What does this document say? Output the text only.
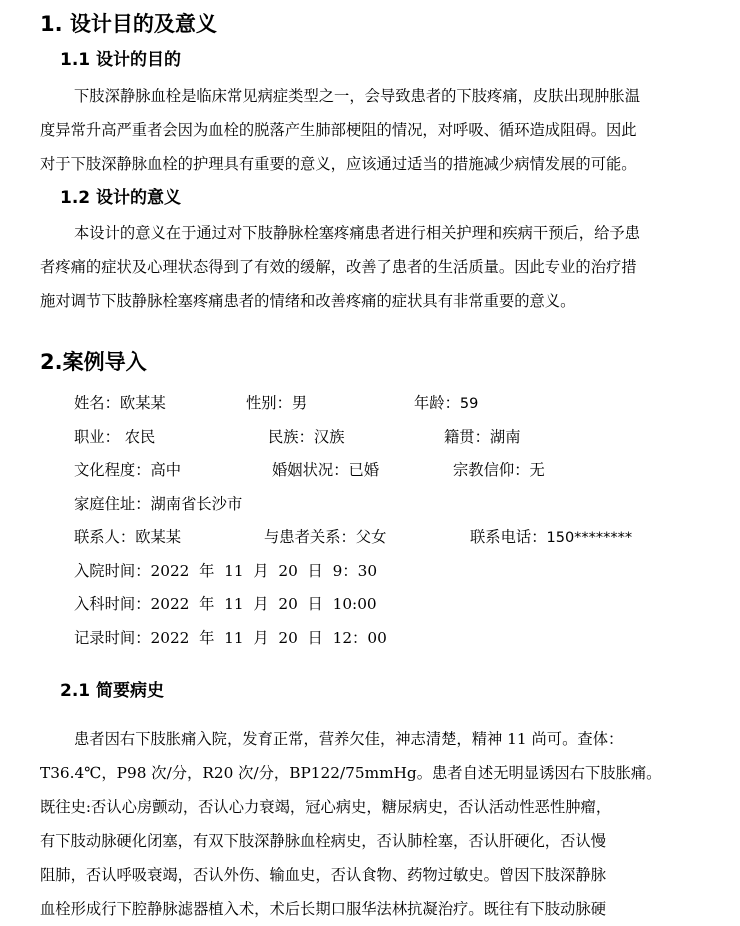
1. 设计目的及意义
1.1 设计的目的
下肢深静脉血栓是临床常见病症类型之一，会导致患者的下肢疼痛，皮肤出现肿胀温
度异常升高严重者会因为血栓的脱落产生肺部梗阻的情况，对呼吸、循环造成阻碍。因此
对于下肢深静脉血栓的护理具有重要的意义，应该通过适当的措施减少病情发展的可能。
1.2 设计的意义
本设计的意义在于通过对下肢静脉栓塞疼痛患者进行相关护理和疾病干预后，给予患
者疼痛的症状及心理状态得到了有效的缓解，改善了患者的生活质量。因此专业的治疗措
施对调节下肢静脉栓塞疼痛患者的情绪和改善疼痛的症状具有非常重要的意义。
2.案例导入
姓名：欧某某	性别：男	年龄：59
职业： 农民	民族：汉族	籍贯：湖南
文化程度：高中	婚姻状况：已婚	宗教信仰：无
家庭住址：湖南省长沙市
联系人：欧某某	与患者关系：父女	联系电话：150********
入院时间：2022  年  11  月  20  日  9：30
入科时间：2022  年  11  月  20  日  10:00
记录时间：2022  年  11  月  20  日  12：00
2.1 简要病史
患者因右下肢胀痛入院，发育正常，营养欠佳，神志清楚，精神 11 尚可。查体：
T36.4℃，P98 次/分，R20 次/分，BP122/75mmHg。患者自述无明显诱因右下肢胀痛。
既往史:否认心房颤动，否认心力衰竭，冠心病史，糖尿病史，否认活动性恶性肿瘤，
有下肢动脉硬化闭塞，有双下肢深静脉血栓病史，否认肺栓塞，否认肝硬化，否认慢
阻肺，否认呼吸衰竭，否认外伤、输血史，否认食物、药物过敏史。曾因下肢深静脉
血栓形成行下腔静脉滤器植入术，术后长期口服华法林抗凝治疗。既往有下肢动脉硬
